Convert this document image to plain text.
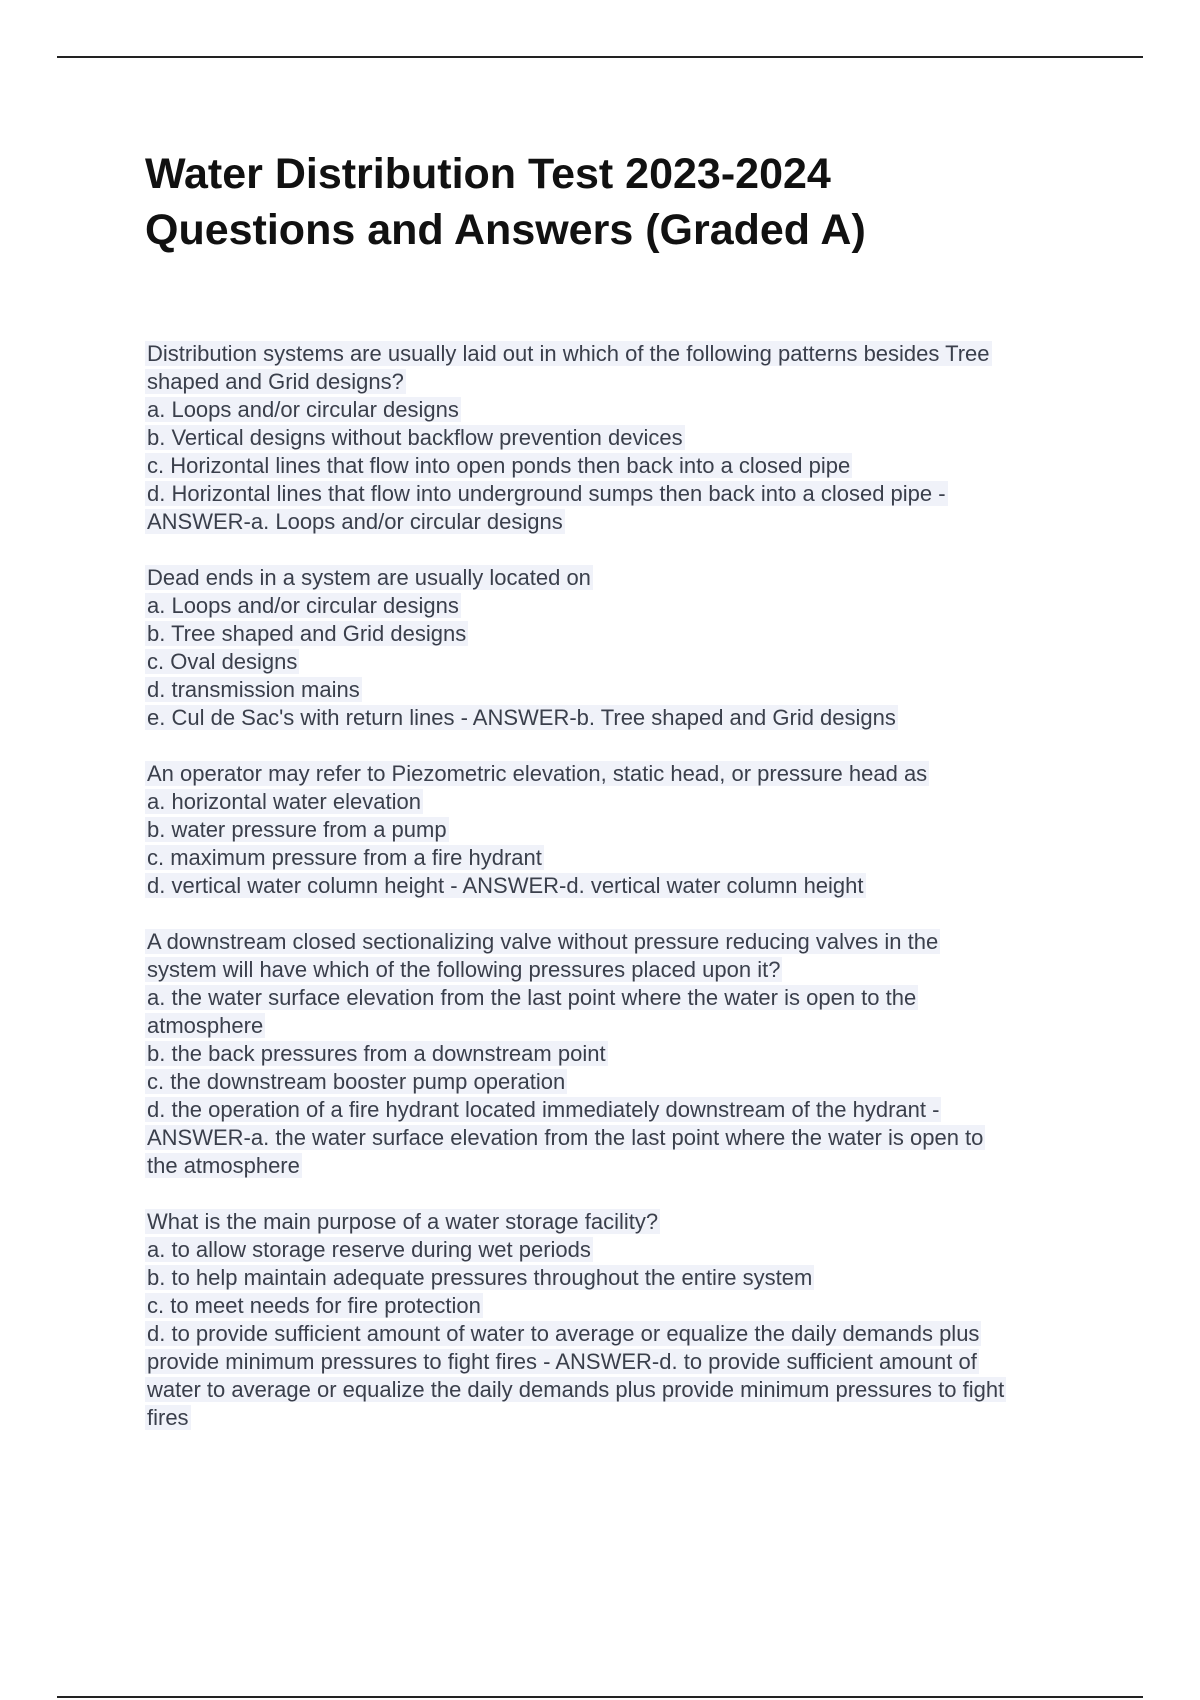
Water Distribution Test 2023-2024
Questions and Answers (Graded A)
Distribution systems are usually laid out in which of the following patterns besides Tree
shaped and Grid designs?
a. Loops and/or circular designs
b. Vertical designs without backflow prevention devices
c. Horizontal lines that flow into open ponds then back into a closed pipe
d. Horizontal lines that flow into underground sumps then back into a closed pipe -
ANSWER-a. Loops and/or circular designs
Dead ends in a system are usually located on
a. Loops and/or circular designs
b. Tree shaped and Grid designs
c. Oval designs
d. transmission mains
e. Cul de Sac's with return lines - ANSWER-b. Tree shaped and Grid designs
An operator may refer to Piezometric elevation, static head, or pressure head as
a. horizontal water elevation
b. water pressure from a pump
c. maximum pressure from a fire hydrant
d. vertical water column height - ANSWER-d. vertical water column height
A downstream closed sectionalizing valve without pressure reducing valves in the
system will have which of the following pressures placed upon it?
a. the water surface elevation from the last point where the water is open to the
atmosphere
b. the back pressures from a downstream point
c. the downstream booster pump operation
d. the operation of a fire hydrant located immediately downstream of the hydrant -
ANSWER-a. the water surface elevation from the last point where the water is open to
the atmosphere
What is the main purpose of a water storage facility?
a. to allow storage reserve during wet periods
b. to help maintain adequate pressures throughout the entire system
c. to meet needs for fire protection
d. to provide sufficient amount of water to average or equalize the daily demands plus
provide minimum pressures to fight fires - ANSWER-d. to provide sufficient amount of
water to average or equalize the daily demands plus provide minimum pressures to fight
fires
